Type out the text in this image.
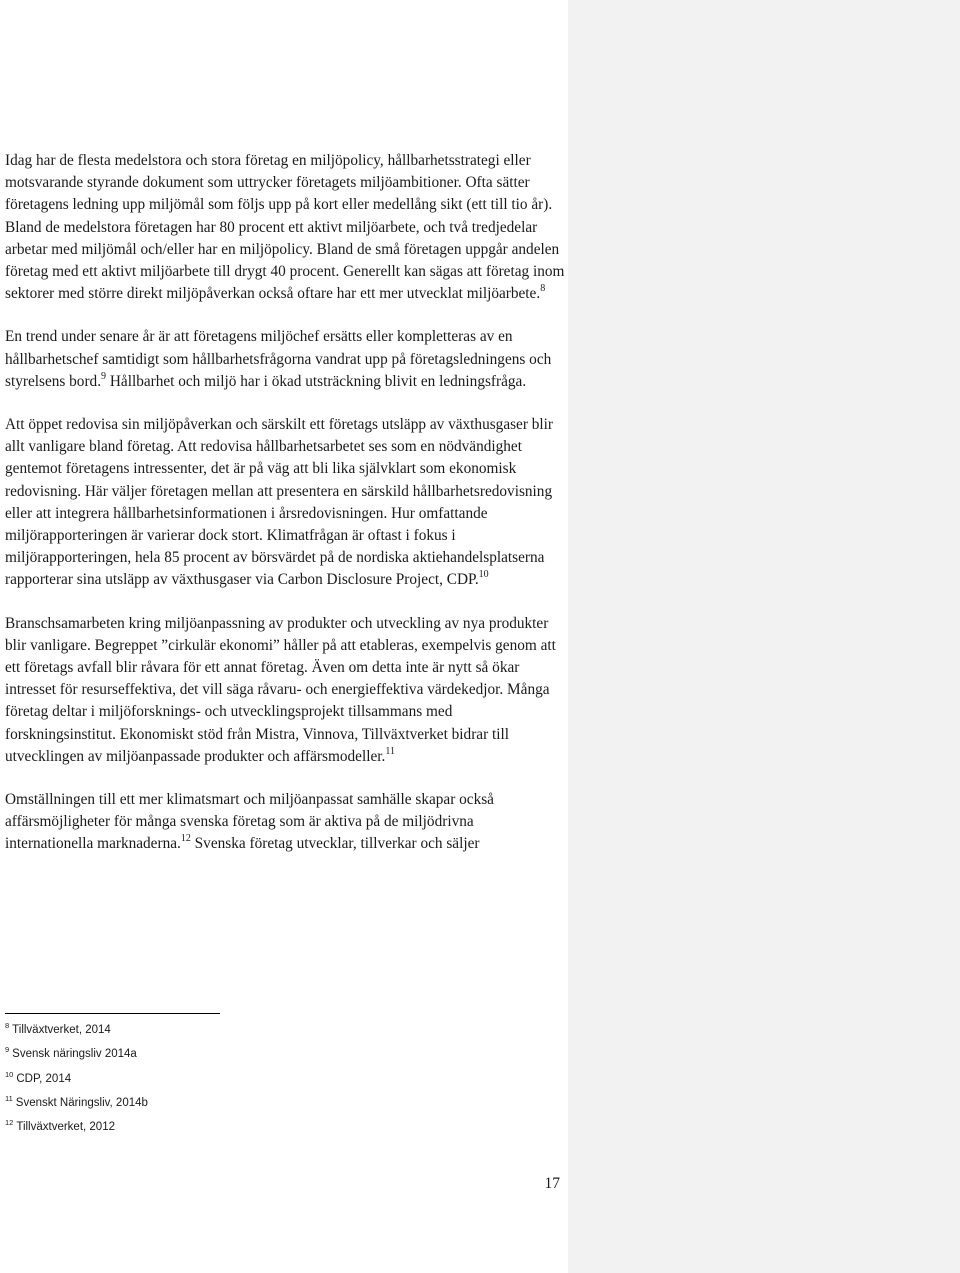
Idag har de flesta medelstora och stora företag en miljöpolicy, hållbarhetsstrategi eller motsvarande styrande dokument som uttrycker företagets miljöambitioner. Ofta sätter företagens ledning upp miljömål som följs upp på kort eller medellång sikt (ett till tio år). Bland de medelstora företagen har 80 procent ett aktivt miljöarbete, och två tredjedelar arbetar med miljömål och/eller har en miljöpolicy. Bland de små företagen uppgår andelen företag med ett aktivt miljöarbete till drygt 40 procent. Generellt kan sägas att företag inom sektorer med större direkt miljöpåverkan också oftare har ett mer utvecklat miljöarbete.$^8$

En trend under senare år är att företagens miljöchef ersätts eller kompletteras av en hållbarhetschef samtidigt som hållbarhetsfrågorna vandrat upp på företagsledningens och styrelsens bord.$^9$ Hållbarhet och miljö har i ökad utsträckning blivit en ledningsfråga.

Att öppet redovisa sin miljöpåverkan och särskilt ett företags utsläpp av växthusgaser blir allt vanligare bland företag. Att redovisa hållbarhetsarbetet ses som en nödvändighet gentemot företagens intressenter, det är på väg att bli lika självklart som ekonomisk redovisning. Här väljer företagen mellan att presentera en särskild hållbarhetsredovisning eller att integrera hållbarhetsinformationen i årsredovisningen. Hur omfattande miljörapporteringen är varierar dock stort. Klimatfrågan är oftast i fokus i miljörapporteringen, hela 85 procent av börsvärdet på de nordiska aktiehandelsplatserna rapporterar sina utsläpp av växthusgaser via Carbon Disclosure Project, CDP.$^{10}$

Branschsamarbeten kring miljöanpassning av produkter och utveckling av nya produkter blir vanligare. Begreppet ”cirkulär ekonomi” håller på att etableras, exempelvis genom att ett företags avfall blir råvara för ett annat företag. Även om detta inte är nytt så ökar intresset för resurseffektiva, det vill säga råvaru- och energieffektiva värdekedjor. Många företag deltar i miljöforsknings- och utvecklingsprojekt tillsammans med forskningsinstitut. Ekonomiskt stöd från Mistra, Vinnova, Tillväxtverket bidrar till utvecklingen av miljöanpassade produkter och affärsmodeller.$^{11}$

Omställningen till ett mer klimatsmart och miljöanpassat samhälle skapar också affärsmöjligheter för många svenska företag som är aktiva på de miljödrivna internationella marknaderna.$^{12}$ Svenska företag utvecklar, tillverkar och säljer

$^8$ Tillväxtverket, 2014
$^9$ Svensk näringsliv 2014a
$^{10}$ CDP, 2014
$^{11}$ Svenskt Näringsliv, 2014b
$^{12}$ Tillväxtverket, 2012
17
